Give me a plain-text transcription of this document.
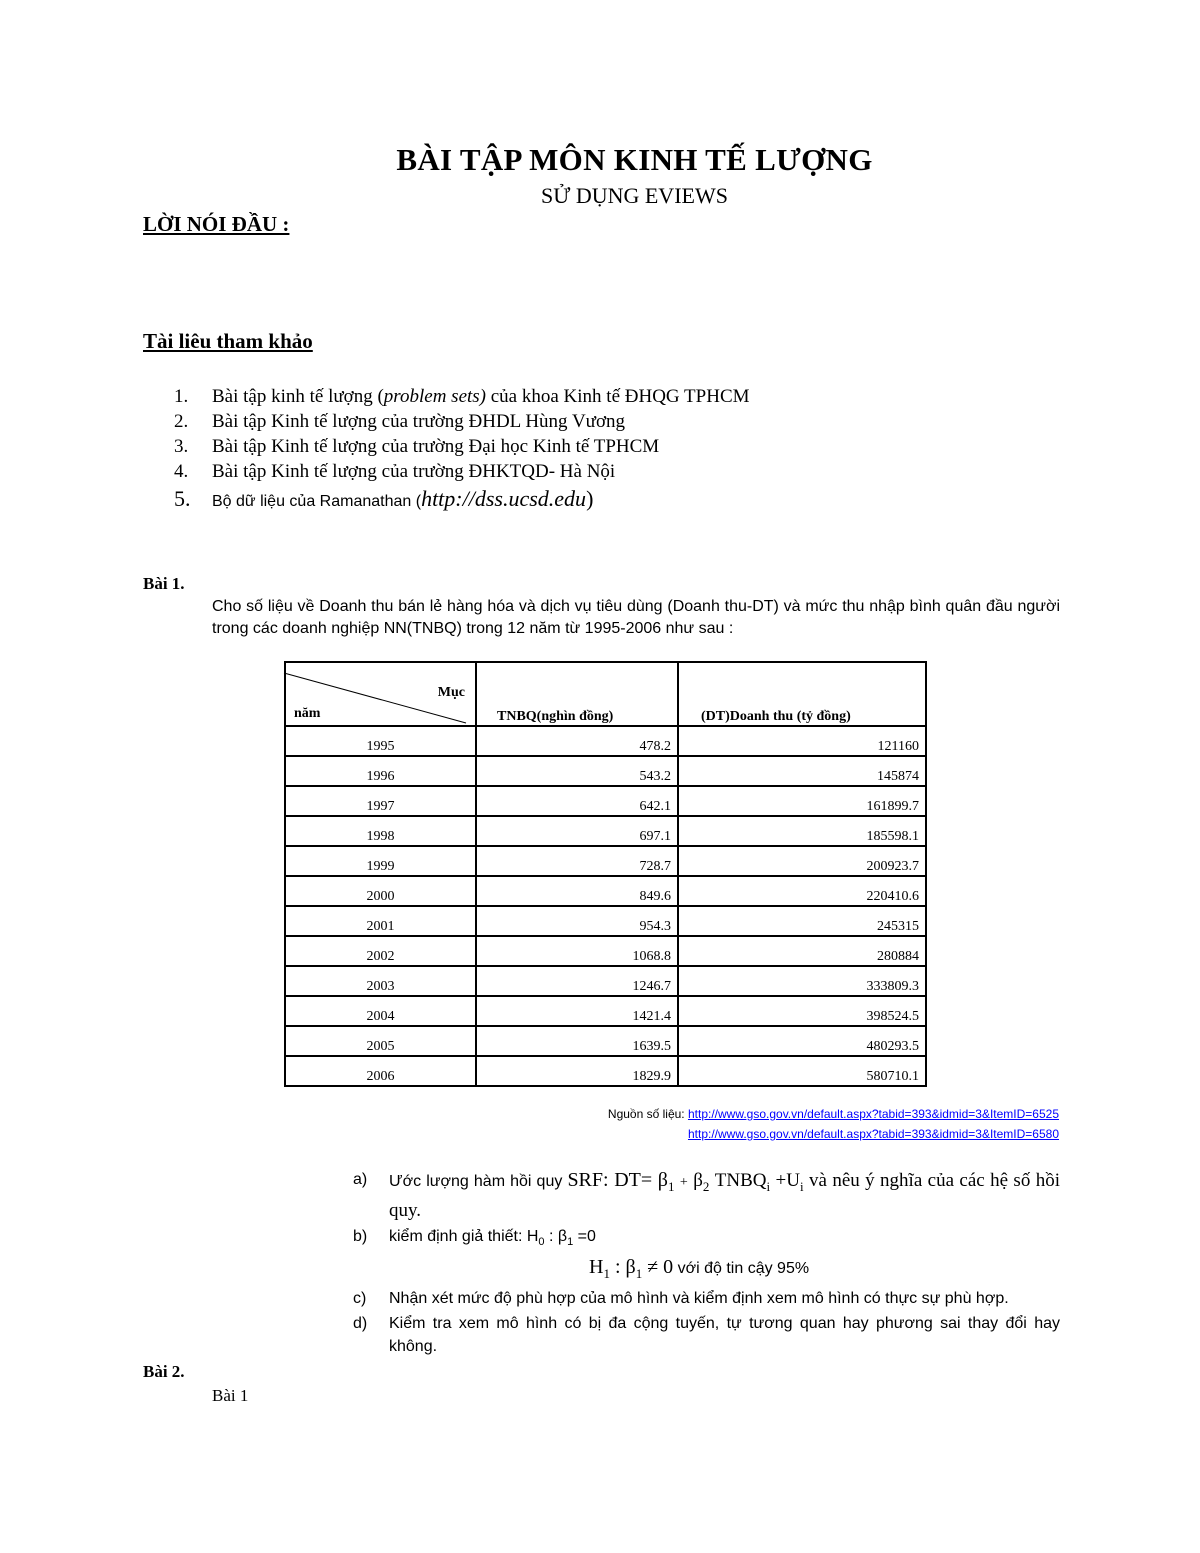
BÀI TẬP MÔN KINH TẾ LƯỢNG
SỬ DỤNG EVIEWS
LỜI NÓI ĐẦU :
Tài liêu tham khảo
1.	Bài tập kinh tế lượng (problem sets) của khoa Kinh tế ĐHQG TPHCM
2.	Bài tập Kinh tế lượng của trường ĐHDL Hùng Vương
3.	Bài tập Kinh tế lượng của trường Đại học Kinh tế TPHCM
4.	Bài tập Kinh tế lượng của trường ĐHKTQD- Hà Nội
5.	Bộ dữ liệu của Ramanathan (http://dss.ucsd.edu)
Bài 1.
Cho số liệu về Doanh thu bán lẻ hàng hóa và dịch vụ tiêu dùng (Doanh thu-DT) và mức thu nhập bình quân đầu người trong các doanh nghiệp NN(TNBQ) trong 12 năm từ 1995-2006 như sau :
Mục
năm	TNBQ(nghìn đồng)	(DT)Doanh thu (tỷ đồng)
1995	478.2	121160
1996	543.2	145874
1997	642.1	161899.7
1998	697.1	185598.1
1999	728.7	200923.7
2000	849.6	220410.6
2001	954.3	245315
2002	1068.8	280884
2003	1246.7	333809.3
2004	1421.4	398524.5
2005	1639.5	480293.5
2006	1829.9	580710.1
Nguồn số liệu: http://www.gso.gov.vn/default.aspx?tabid=393&idmid=3&ItemID=6525
http://www.gso.gov.vn/default.aspx?tabid=393&idmid=3&ItemID=6580
a) Ước lượng hàm hồi quy SRF: $DT= \beta_1 + \beta_2$ $TNBQ_i +U_i$ và nêu ý nghĩa của các hệ số hồi quy.
b) kiểm định giả thiết: $H_0$ : $\beta_1 =0$
$H_1$ : $\beta_1 \ne 0$ với độ tin cậy 95%
c) Nhận xét mức độ phù hợp của mô hình và kiểm định xem mô hình có thực sự phù hợp.
d) Kiểm tra xem mô hình có bị đa cộng tuyến, tự tương quan hay phương sai thay đổi hay không.
Bài 2.
Bài 1
